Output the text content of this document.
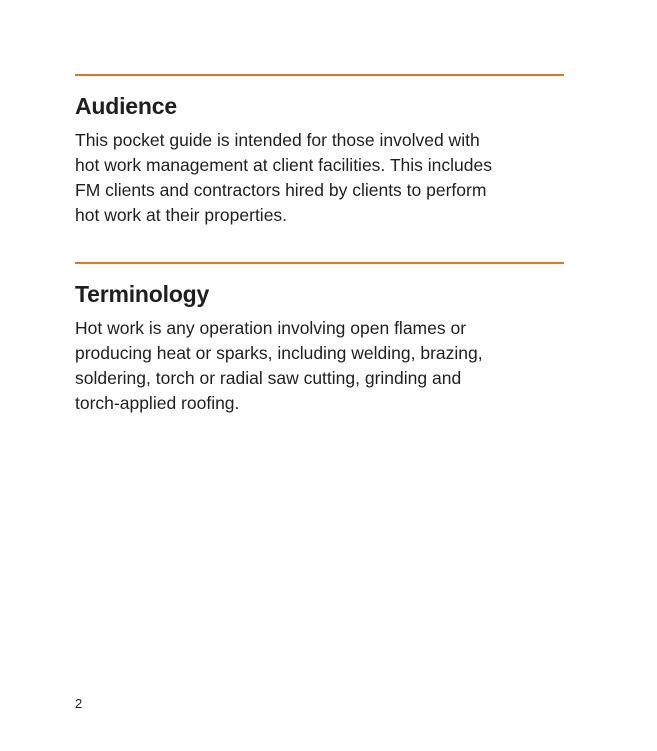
Audience

This pocket guide is intended for those involved with
hot work management at client facilities. This includes
FM clients and contractors hired by clients to perform
hot work at their properties.

Terminology

Hot work is any operation involving open flames or
producing heat or sparks, including welding, brazing,
soldering, torch or radial saw cutting, grinding and
torch-applied roofing.

2
